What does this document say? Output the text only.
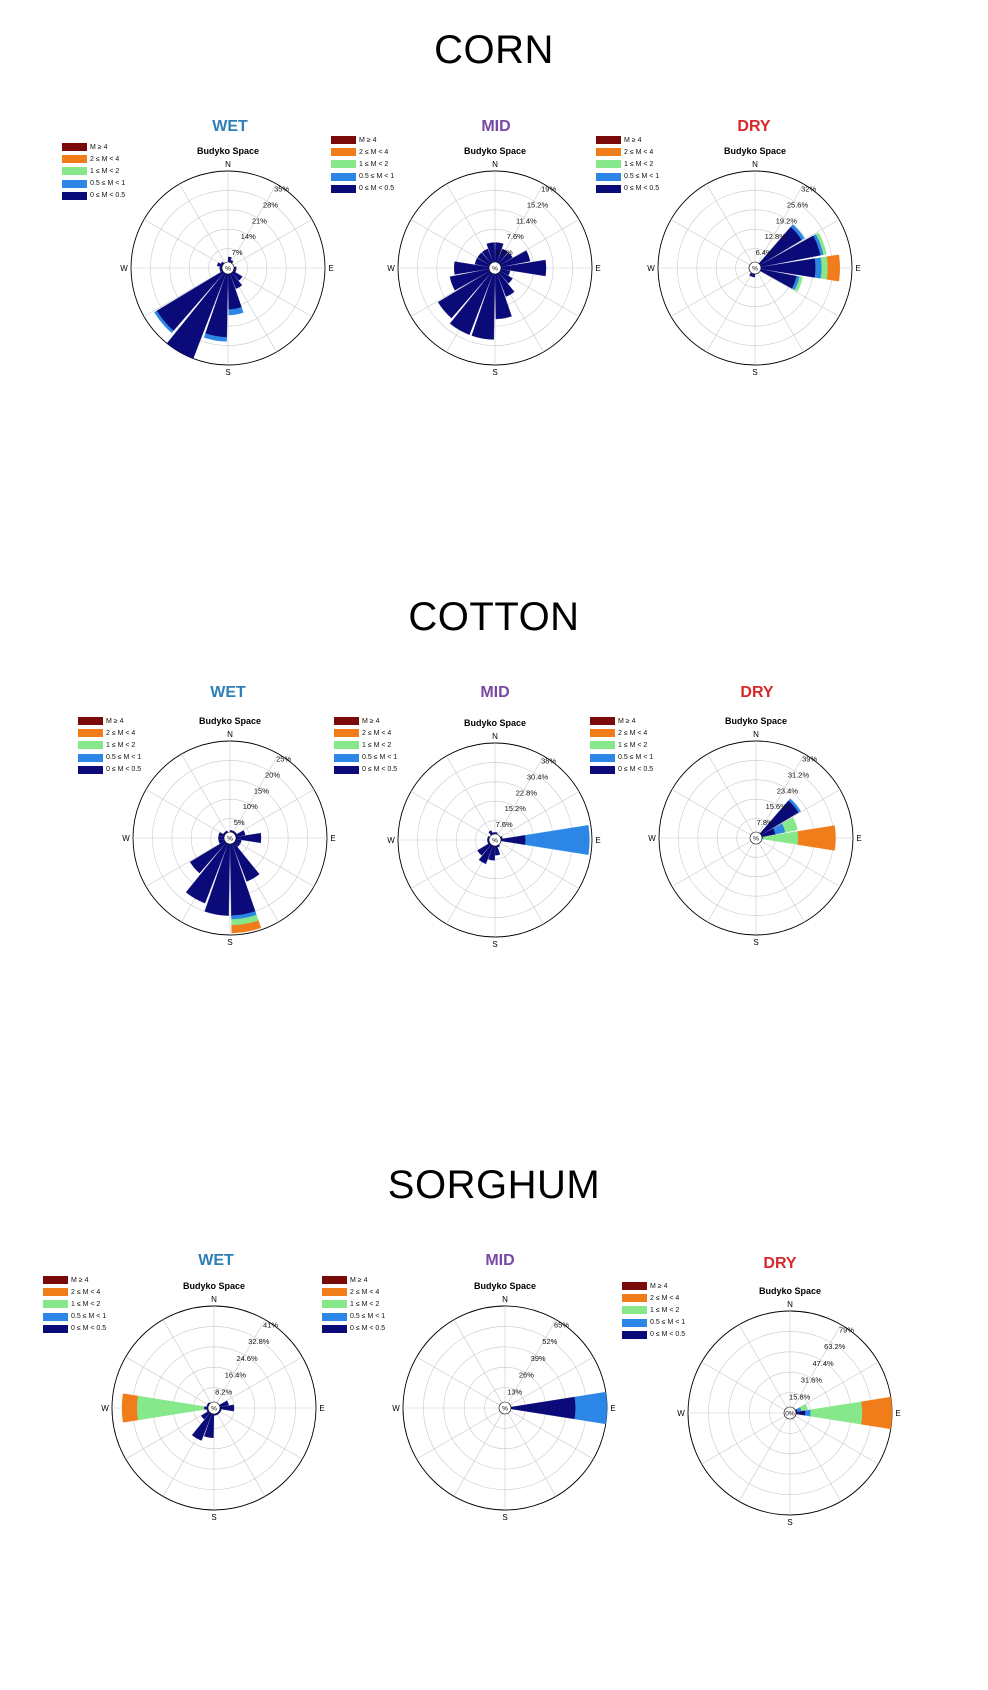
CORN
COTTON
SORGHUM
WET	MID	DRY
WET	MID	DRY
WET	MID	DRY
Budyko Space
%
7%
14%
21%
28%
35%
N
E
S
W
Budyko Space
%
3.8%
7.6%
11.4%
15.2%
19%
N
E
S
W
Budyko Space
%
6.4%
12.8%
19.2%
25.6%
32%
N
E
S
W
Budyko Space
%
5%
10%
15%
20%
25%
N
E
S
W
Budyko Space
%
7.6%
15.2%
22.8%
30.4%
38%
N
E
S
W
Budyko Space
%
7.8%
15.6%
23.4%
31.2%
39%
N
E
S
W
Budyko Space
%
8.2%
16.4%
24.6%
32.8%
41%
N
E
S
W
Budyko Space
%
13%
26%
39%
52%
65%
N
E
S
W
Budyko Space
0%
15.8%
31.6%
47.4%
63.2%
79%
N
E
S
W
M ≥ 4
2 ≤ M < 4
1 ≤ M < 2
0.5 ≤ M < 1
0 ≤ M < 0.5
M ≥ 4
2 ≤ M < 4
1 ≤ M < 2
0.5 ≤ M < 1
0 ≤ M < 0.5
M ≥ 4
2 ≤ M < 4
1 ≤ M < 2
0.5 ≤ M < 1
0 ≤ M < 0.5
M ≥ 4
2 ≤ M < 4
1 ≤ M < 2
0.5 ≤ M < 1
0 ≤ M < 0.5
M ≥ 4
2 ≤ M < 4
1 ≤ M < 2
0.5 ≤ M < 1
0 ≤ M < 0.5
M ≥ 4
2 ≤ M < 4
1 ≤ M < 2
0.5 ≤ M < 1
0 ≤ M < 0.5
M ≥ 4
2 ≤ M < 4
1 ≤ M < 2
0.5 ≤ M < 1
0 ≤ M < 0.5
M ≥ 4
2 ≤ M < 4
1 ≤ M < 2
0.5 ≤ M < 1
0 ≤ M < 0.5
M ≥ 4
2 ≤ M < 4
1 ≤ M < 2
0.5 ≤ M < 1
0 ≤ M < 0.5
